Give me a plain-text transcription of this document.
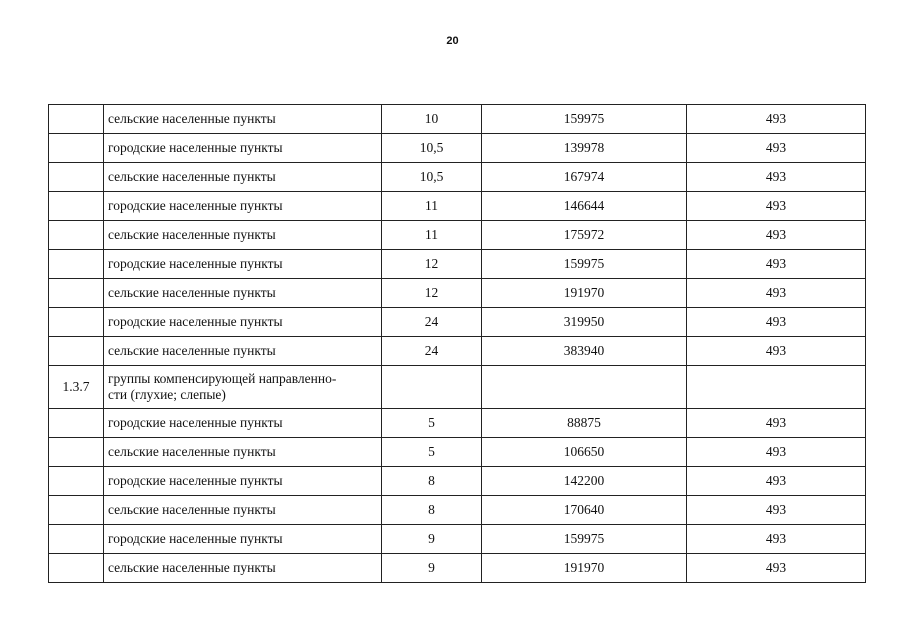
20
	сельские населенные пункты	10	159975	493
	городские населенные пункты	10,5	139978	493
	сельские населенные пункты	10,5	167974	493
	городские населенные пункты	11	146644	493
	сельские населенные пункты	11	175972	493
	городские населенные пункты	12	159975	493
	сельские населенные пункты	12	191970	493
	городские населенные пункты	24	319950	493
	сельские населенные пункты	24	383940	493
1.3.7	группы компенсирующей направленно-
сти (глухие; слепые)			
	городские населенные пункты	5	88875	493
	сельские населенные пункты	5	106650	493
	городские населенные пункты	8	142200	493
	сельские населенные пункты	8	170640	493
	городские населенные пункты	9	159975	493
	сельские населенные пункты	9	191970	493
